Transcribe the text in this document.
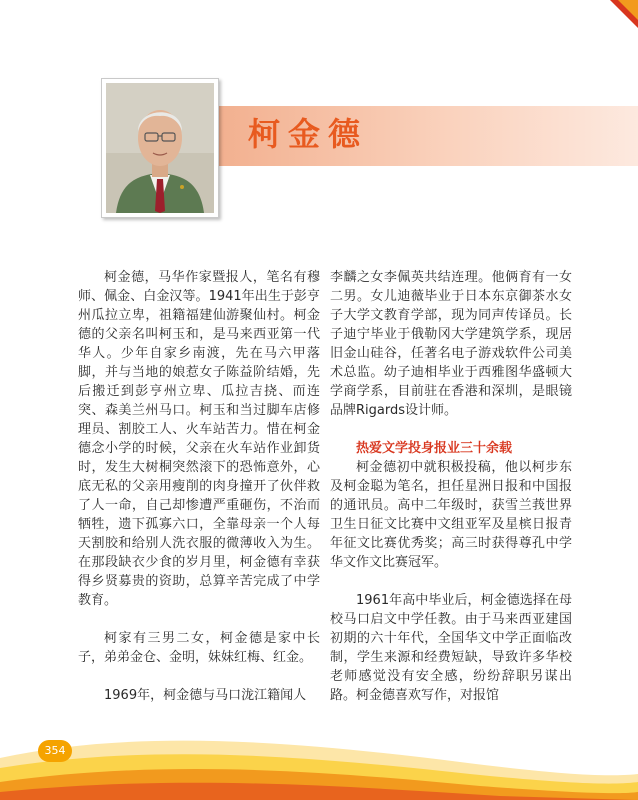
柯金德

柯金德，马华作家暨报人，笔名有穆师、佩金、白金汉等。1941年出生于彭亨州瓜拉立卑，祖籍福建仙游聚仙村。柯金德的父亲名叫柯玉和，是马来西亚第一代华人。少年自家乡南渡，先在马六甲落脚，并与当地的娘惹女子陈益阶结婚，先后搬迁到彭亨州立卑、瓜拉吉挠、而连突、森美兰州马口。柯玉和当过脚车店修理员、割胶工人、火车站苦力。惜在柯金德念小学的时候，父亲在火车站作业卸货时，发生大树桐突然滚下的恐怖意外，心底无私的父亲用瘦削的肉身撞开了伙伴救了人一命，自己却惨遭严重砸伤，不治而牺牲，遗下孤寡六口，全靠母亲一个人每天割胶和给别人洗衣服的微薄收入为生。在那段缺衣少食的岁月里，柯金德有幸获得乡贤募贵的资助，总算辛苦完成了中学教育。

柯家有三男二女，柯金德是家中长子，弟弟金仓、金明，妹妹红梅、红金。

1969年，柯金德与马口泷江籍闻人

李麟之女李佩英共结连理。他俩育有一女二男。女儿迪薇毕业于日本东京御茶水女子大学文教育学部，现为同声传译员。长子迪宁毕业于俄勒冈大学建筑学系，现居旧金山硅谷，任著名电子游戏软件公司美术总监。幼子迪相毕业于西雅图华盛顿大学商学系，目前驻在香港和深圳，是眼镜品牌Rigards设计师。

热爱文学投身报业三十余载

柯金德初中就积极投稿，他以柯步东及柯金聪为笔名，担任星洲日报和中国报的通讯员。高中二年级时，获雪兰莪世界卫生日征文比赛中文组亚军及星槟日报青年征文比赛优秀奖；高三时获得尊孔中学华文作文比赛冠军。

1961年高中毕业后，柯金德选择在母校马口启文中学任教。由于马来西亚建国初期的六十年代，全国华文中学正面临改制，学生来源和经费短缺，导致许多华校老师感觉没有安全感，纷纷辞职另谋出路。柯金德喜欢写作，对报馆

354
